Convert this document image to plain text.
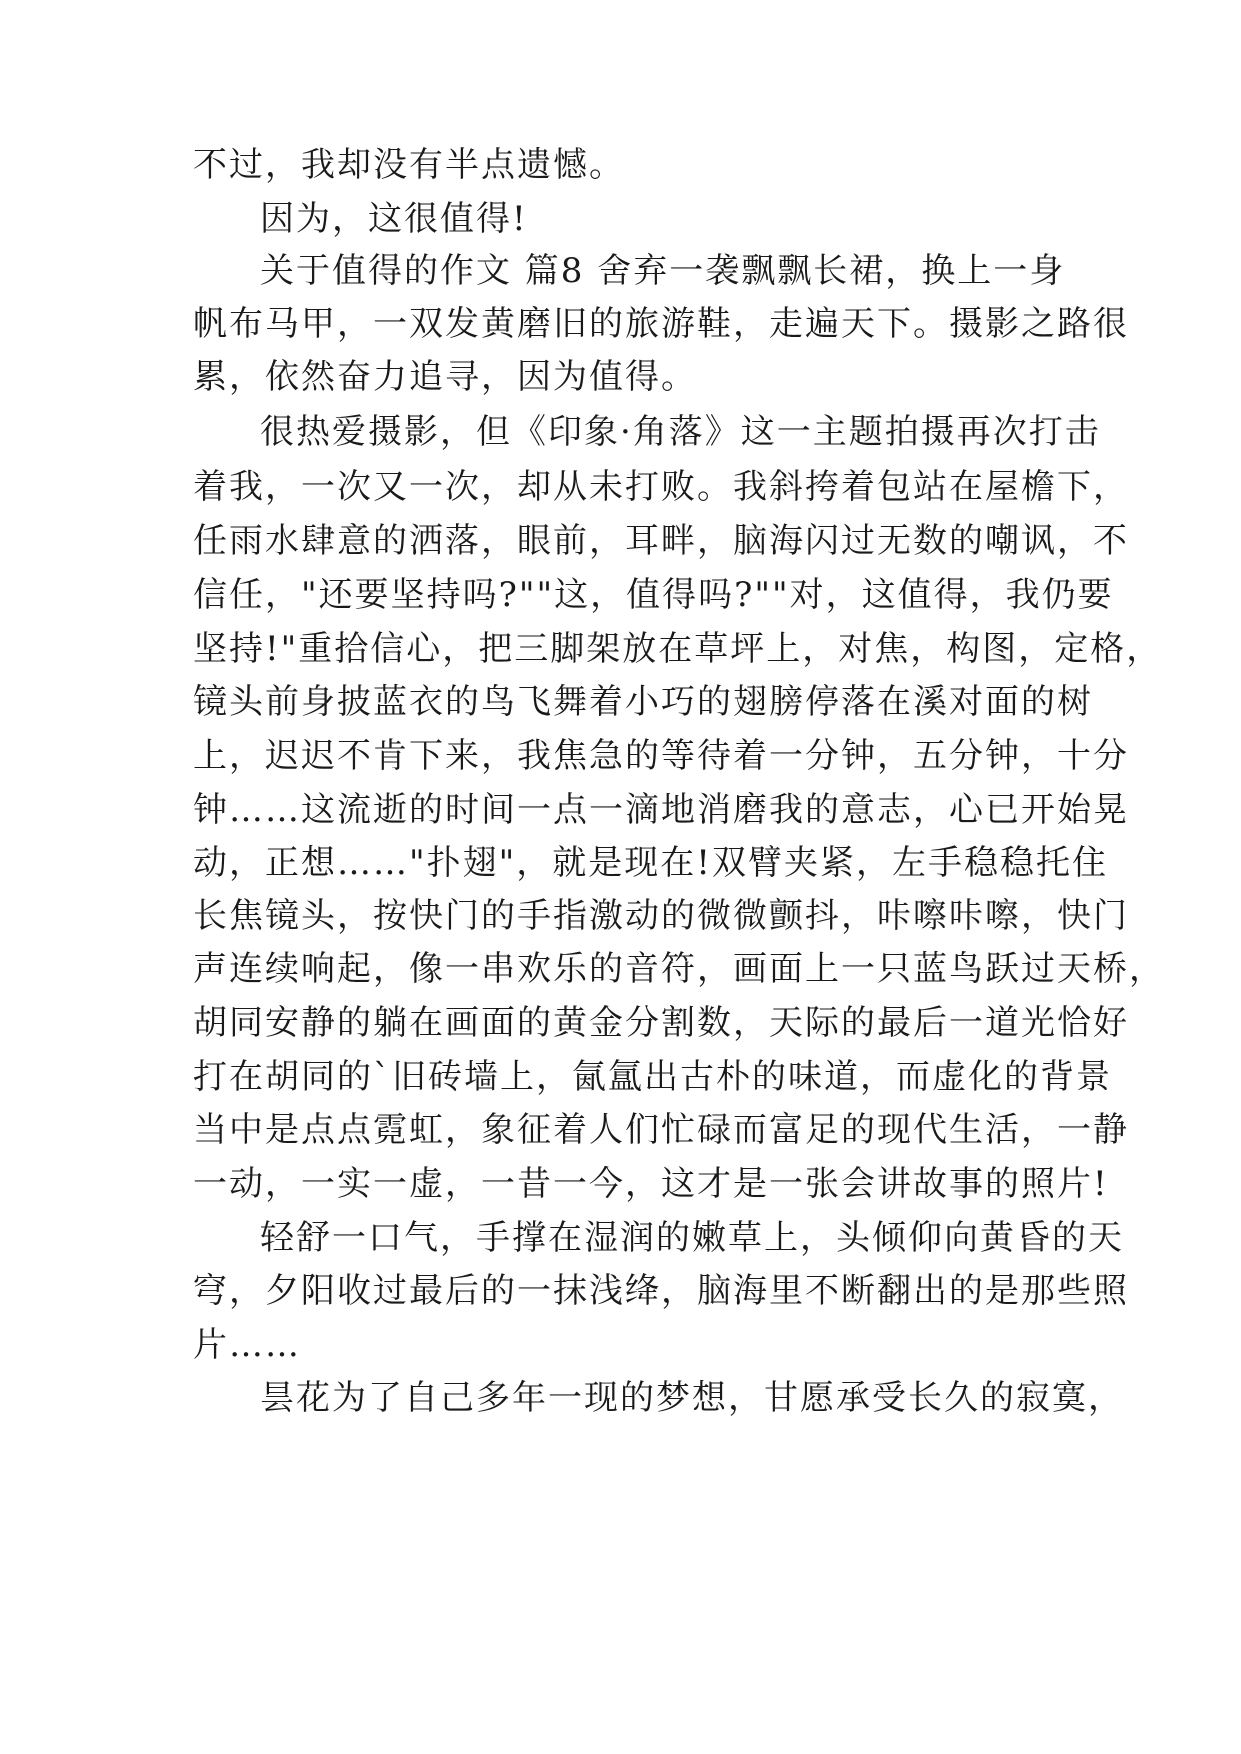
不过，我却没有半点遗憾。
因为，这很值得!
关于值得的作文 篇8 舍弃一袭飘飘长裙，换上一身
帆布马甲，一双发黄磨旧的旅游鞋，走遍天下。摄影之路很
累，依然奋力追寻，因为值得。
很热爱摄影，但《印象·角落》这一主题拍摄再次打击
着我，一次又一次，却从未打败。我斜挎着包站在屋檐下，
任雨水肆意的洒落，眼前，耳畔，脑海闪过无数的嘲讽，不
信任，"还要坚持吗?""这，值得吗?""对，这值得，我仍要
坚持!"重拾信心，把三脚架放在草坪上，对焦，构图，定格，
镜头前身披蓝衣的鸟飞舞着小巧的翅膀停落在溪对面的树
上，迟迟不肯下来，我焦急的等待着一分钟，五分钟，十分
钟……这流逝的时间一点一滴地消磨我的意志，心已开始晃
动，正想……"扑翅"，就是现在!双臂夹紧，左手稳稳托住
长焦镜头，按快门的手指激动的微微颤抖，咔嚓咔嚓，快门
声连续响起，像一串欢乐的音符，画面上一只蓝鸟跃过天桥，
胡同安静的躺在画面的黄金分割数，天际的最后一道光恰好
打在胡同的`旧砖墙上，氤氲出古朴的味道，而虚化的背景
当中是点点霓虹，象征着人们忙碌而富足的现代生活，一静
一动，一实一虚，一昔一今，这才是一张会讲故事的照片!
轻舒一口气，手撑在湿润的嫩草上，头倾仰向黄昏的天
穹，夕阳收过最后的一抹浅绛，脑海里不断翻出的是那些照
片……
昙花为了自己多年一现的梦想，甘愿承受长久的寂寞，
